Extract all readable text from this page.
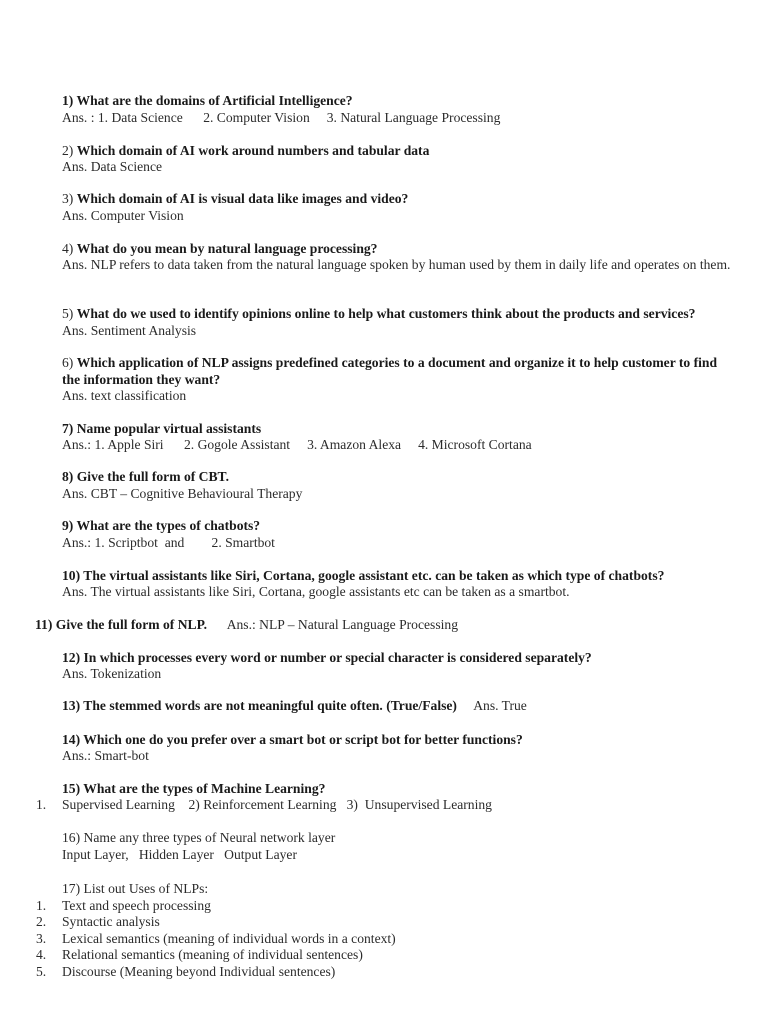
1) What are the domains of Artificial Intelligence?
Ans. : 1. Data Science      2. Computer Vision     3. Natural Language Processing
2) Which domain of AI work around numbers and tabular data
Ans. Data Science
3) Which domain of AI is visual data like images and video?
Ans. Computer Vision
4) What do you mean by natural language processing?
Ans. NLP refers to data taken from the natural language spoken by human used by them in daily life and operates on them.
5) What do we used to identify opinions online to help what customers think about the products and services?
Ans. Sentiment Analysis
6) Which application of NLP assigns predefined categories to a document and organize it to help customer to find the information they want?
Ans. text classification
7) Name popular virtual assistants
Ans.: 1. Apple Siri      2. Gogole Assistant     3. Amazon Alexa     4. Microsoft Cortana
8) Give the full form of CBT.
Ans. CBT – Cognitive Behavioural Therapy
9) What are the types of chatbots?
Ans.: 1. Scriptbot  and        2. Smartbot
10) The virtual assistants like Siri, Cortana, google assistant etc. can be taken as which type of chatbots?
Ans. The virtual assistants like Siri, Cortana, google assistants etc can be taken as a smartbot.
11) Give the full form of NLP. Ans.: NLP – Natural Language Processing
12) In which processes every word or number or special character is considered separately?
Ans. Tokenization
13) The stemmed words are not meaningful quite often. (True/False) Ans. True
14) Which one do you prefer over a smart bot or script bot for better functions?
Ans.: Smart-bot
15) What are the types of Machine Learning?
1. Supervised Learning    2) Reinforcement Learning   3)  Unsupervised Learning
16) Name any three types of Neural network layer
Input Layer,   Hidden Layer   Output Layer
17) List out Uses of NLPs:
1. Text and speech processing
2. Syntactic analysis
3. Lexical semantics (meaning of individual words in a context)
4. Relational semantics (meaning of individual sentences)
5. Discourse (Meaning beyond Individual sentences)
